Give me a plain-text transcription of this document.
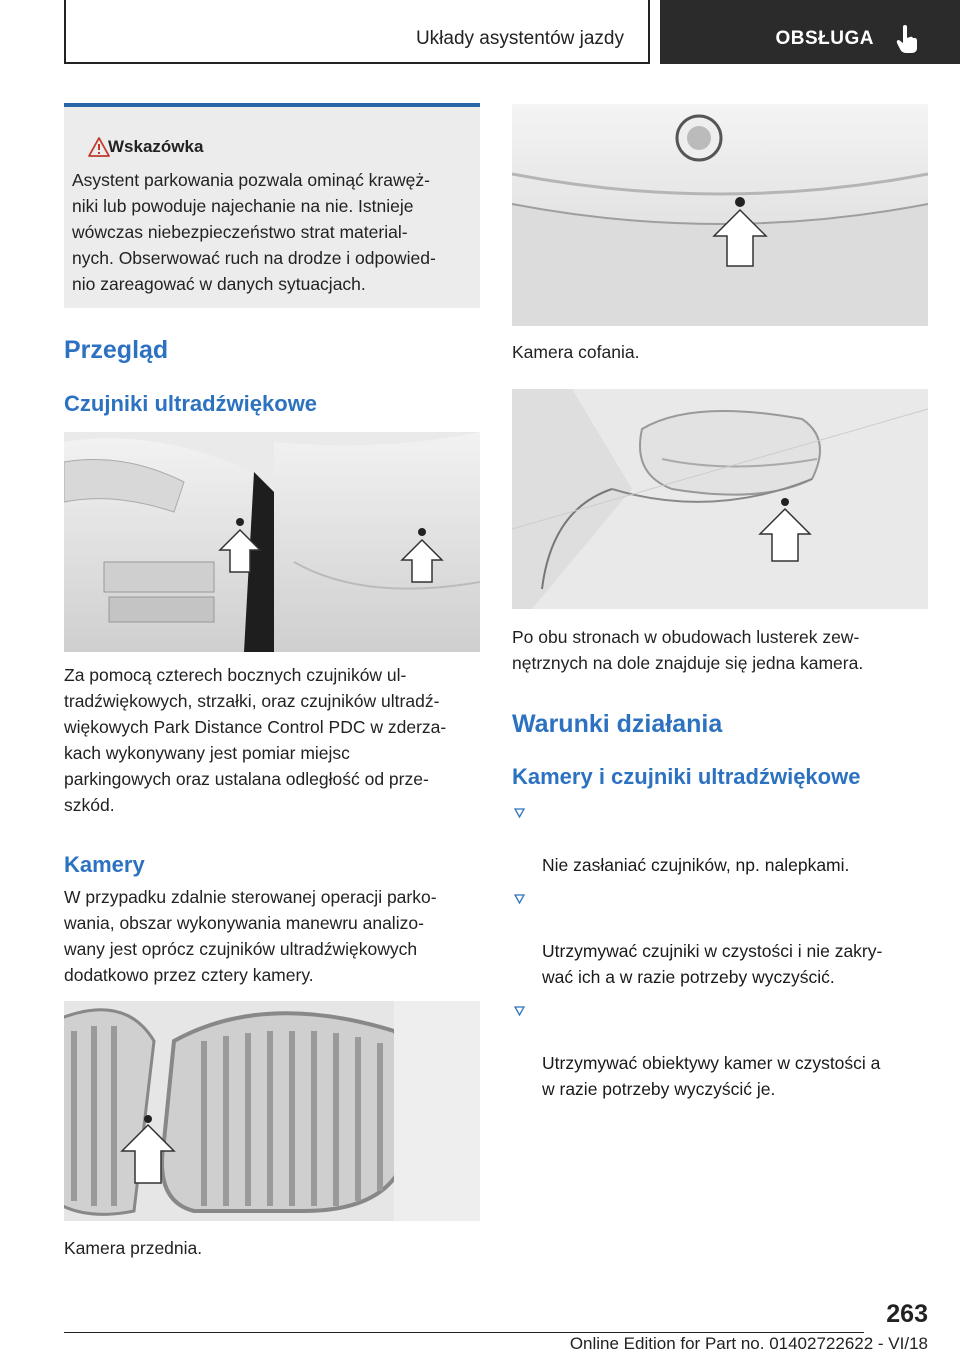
Układy asystentów jazdy	OBSŁUGA
Wskazówka
Asystent parkowania pozwala ominąć krawęż-
niki lub powoduje najechanie na nie. Istnieje
wówczas niebezpieczeństwo strat material-
nych. Obserwować ruch na drodze i odpowied-
nio zareagować w danych sytuacjach.
Przegląd
Czujniki ultradźwiękowe
Za pomocą czterech bocznych czujników ul-
tradźwiękowych, strzałki, oraz czujników ultradź-
więkowych Park Distance Control PDC w zderza-
kach wykonywany jest pomiar miejsc
parkingowych oraz ustalana odległość od prze-
szkód.
Kamery
W przypadku zdalnie sterowanej operacji parko-
wania, obszar wykonywania manewru analizo-
wany jest oprócz czujników ultradźwiękowych
dodatkowo przez cztery kamery.
Kamera przednia.
Kamera cofania.
Po obu stronach w obudowach lusterek zew-
nętrznych na dole znajduje się jedna kamera.
Warunki działania
Kamery i czujniki ultradźwiękowe

Nie zasłaniać czujników, np. nalepkami.

Utrzymywać czujniki w czystości i nie zakry-
wać ich a w razie potrzeby wyczyścić.

Utrzymywać obiektywy kamer w czystości a
w razie potrzeby wyczyścić je.

263
Online Edition for Part no. 01402722622 - VI/18
